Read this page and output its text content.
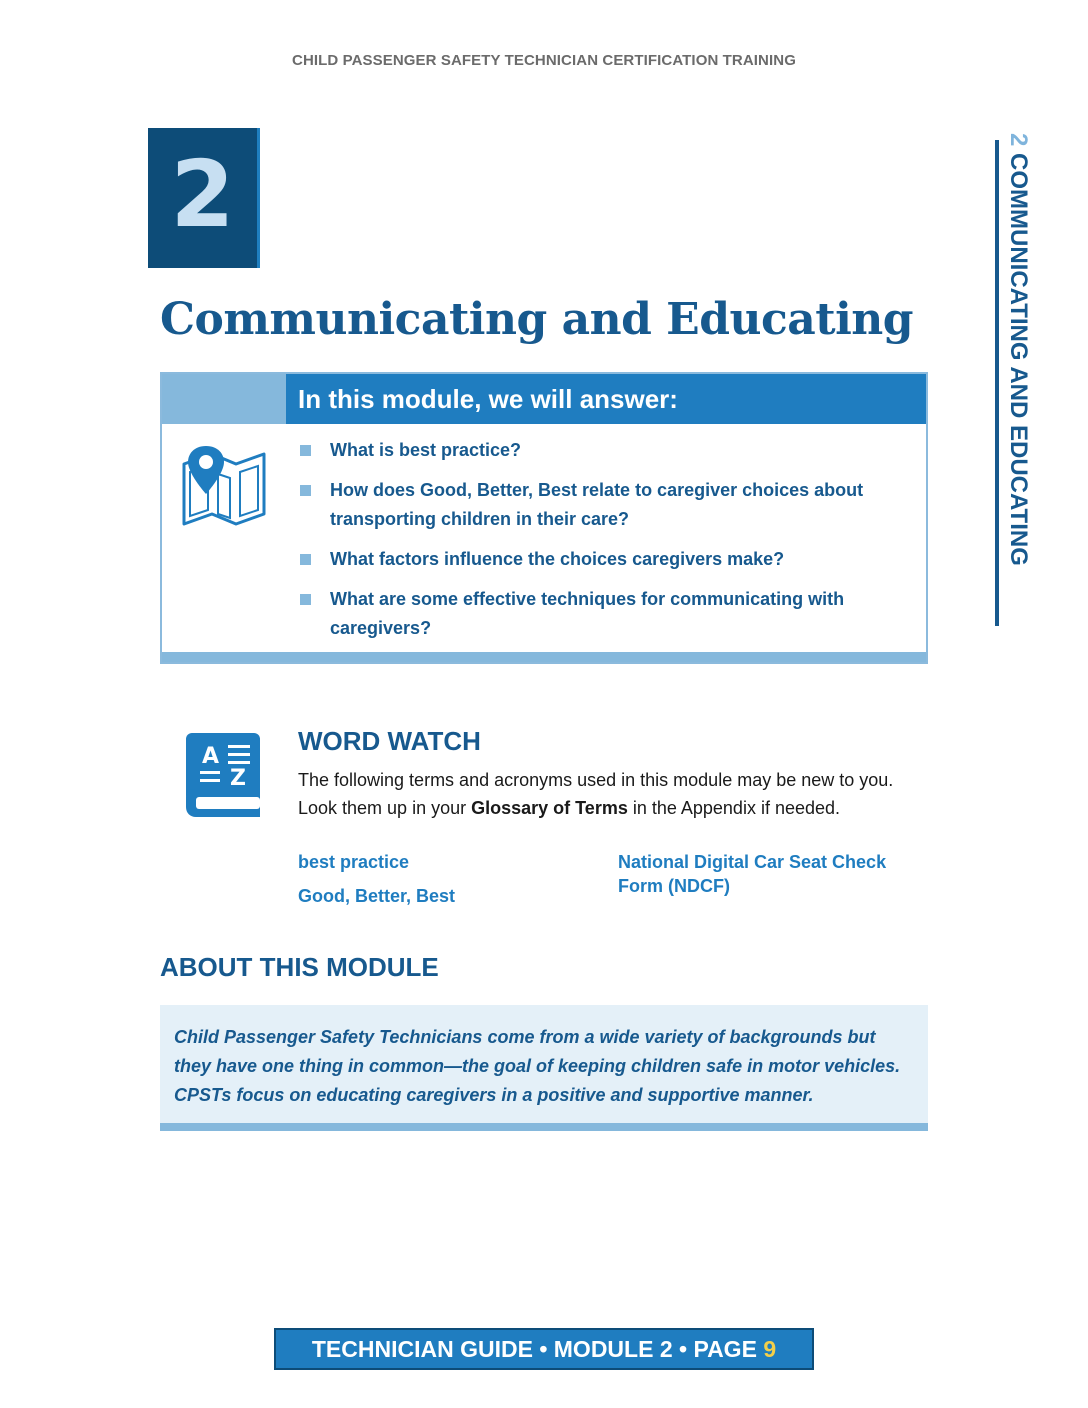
CHILD PASSENGER SAFETY TECHNICIAN CERTIFICATION TRAINING
2
Communicating and Educating
2 COMMUNICATING AND EDUCATING
In this module, we will answer:
What is best practice?
How does Good, Better, Best relate to caregiver choices about transporting children in their care?
What factors influence the choices caregivers make?
What are some effective techniques for communicating with caregivers?
A
Z
WORD WATCH
The following terms and acronyms used in this module may be new to you. Look them up in your Glossary of Terms in the Appendix if needed.
best practice
Good, Better, Best
National Digital Car Seat Check Form (NDCF)
ABOUT THIS MODULE
Child Passenger Safety Technicians come from a wide variety of backgrounds but they have one thing in common—the goal of keeping children safe in motor vehicles. CPSTs focus on educating caregivers in a positive and supportive manner.
TECHNICIAN GUIDE • MODULE 2 • PAGE 9
